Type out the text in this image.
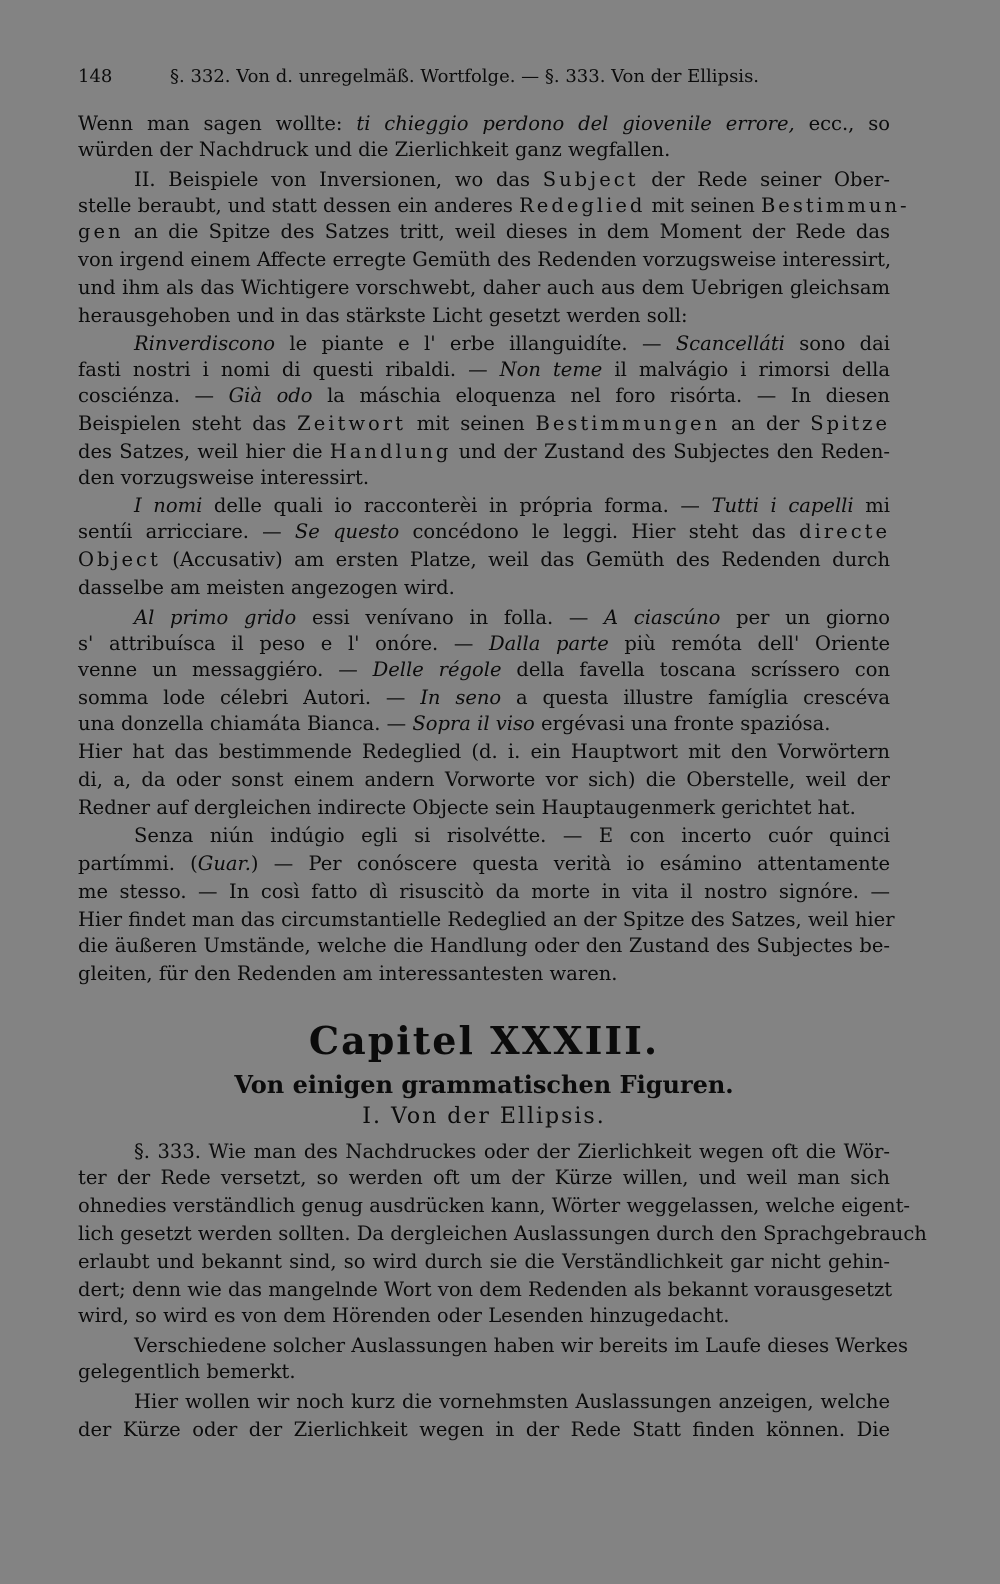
148	§. 332. Von d. unregelmäß. Wortfolge. — §. 333. Von der Ellipsis.
Wenn man sagen wollte: ti chieggio perdono del giovenile errore, ecc., so
würden der Nachdruck und die Zierlichkeit ganz wegfallen.
II. Beispiele von Inversionen, wo das Subject der Rede seiner Ober-
stelle beraubt, und statt dessen ein anderes Redeglied mit seinen Bestimmun-
gen an die Spitze des Satzes tritt, weil dieses in dem Moment der Rede das
von irgend einem Affecte erregte Gemüth des Redenden vorzugsweise interessirt,
und ihm als das Wichtigere vorschwebt, daher auch aus dem Uebrigen gleichsam
herausgehoben und in das stärkste Licht gesetzt werden soll:
Rinverdiscono le piante e l' erbe illanguidíte. — Scancelláti sono dai
fasti nostri i nomi di questi ribaldi. — Non teme il malvágio i rimorsi della
cosciénza. — Già odo la máschia eloquenza nel foro risórta. — In diesen
Beispielen steht das Zeitwort mit seinen Bestimmungen an der Spitze
des Satzes, weil hier die Handlung und der Zustand des Subjectes den Reden-
den vorzugsweise interessirt.
I nomi delle quali io racconterèi in própria forma. — Tutti i capelli mi
sentíi arricciare. — Se questo concédono le leggi. Hier steht das directe
Object (Accusativ) am ersten Platze, weil das Gemüth des Redenden durch
dasselbe am meisten angezogen wird.
Al primo grido essi venívano in folla. — A ciascúno per un giorno
s' attribuísca il peso e l' onóre. — Dalla parte più remóta dell' Oriente
venne un messaggiéro. — Delle régole della favella toscana scríssero con
somma lode célebri Autori. — In seno a questa illustre famíglia crescéva
una donzella chiamáta Bianca. — Sopra il viso ergévasi una fronte spaziósa.
Hier hat das bestimmende Redeglied (d. i. ein Hauptwort mit den Vorwörtern
di, a, da oder sonst einem andern Vorworte vor sich) die Oberstelle, weil der
Redner auf dergleichen indirecte Objecte sein Hauptaugenmerk gerichtet hat.
Senza niún indúgio egli si risolvétte. — E con incerto cuór quinci
partímmi. (Guar.) — Per conóscere questa verità io esámino attentamente
me stesso. — In così fatto dì risuscitò da morte in vita il nostro signóre. —
Hier findet man das circumstantielle Redeglied an der Spitze des Satzes, weil hier
die äußeren Umstände, welche die Handlung oder den Zustand des Subjectes be-
gleiten, für den Redenden am interessantesten waren.
Capitel XXXIII.
Von einigen grammatischen Figuren.
I. Von der Ellipsis.
§. 333. Wie man des Nachdruckes oder der Zierlichkeit wegen oft die Wör-
ter der Rede versetzt, so werden oft um der Kürze willen, und weil man sich
ohnedies verständlich genug ausdrücken kann, Wörter weggelassen, welche eigent-
lich gesetzt werden sollten. Da dergleichen Auslassungen durch den Sprachgebrauch
erlaubt und bekannt sind, so wird durch sie die Verständlichkeit gar nicht gehin-
dert; denn wie das mangelnde Wort von dem Redenden als bekannt vorausgesetzt
wird, so wird es von dem Hörenden oder Lesenden hinzugedacht.
Verschiedene solcher Auslassungen haben wir bereits im Laufe dieses Werkes
gelegentlich bemerkt.
Hier wollen wir noch kurz die vornehmsten Auslassungen anzeigen, welche
der Kürze oder der Zierlichkeit wegen in der Rede Statt finden können. Die
